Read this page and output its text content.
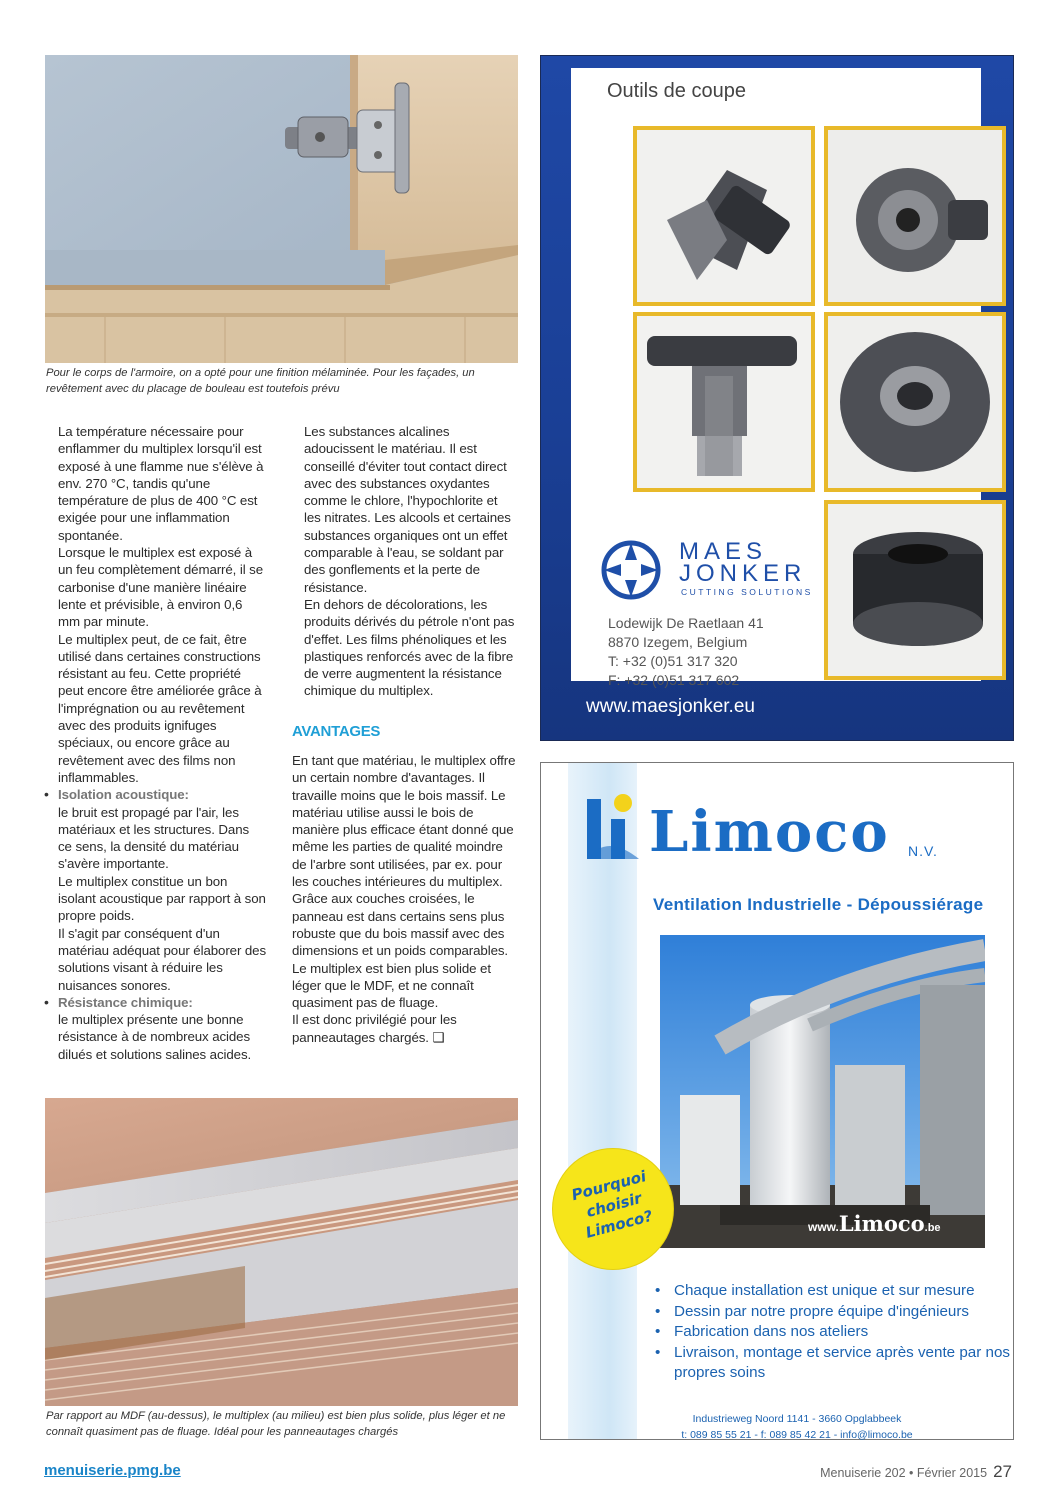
Pour le corps de l'armoire, on a opté pour une finition mélaminée. Pour les façades, un revêtement avec du placage de bouleau est toutefois prévu

La température nécessaire pour enflammer du multiplex lorsqu'il est exposé à une flamme nue s'élève à env. 270 °C, tandis qu'une température de plus de 400 °C est exigée pour une inflammation spontanée.

Lorsque le multiplex est exposé à un feu complètement démarré, il se carbonise d'une manière linéaire lente et prévisible, à environ 0,6 mm par minute.

Le multiplex peut, de ce fait, être utilisé dans certaines constructions résistant au feu. Cette propriété peut encore être améliorée grâce à l'imprégnation ou au revêtement avec des produits ignifuges spéciaux, ou encore grâce au revêtement avec des films non inflammables.

• Isolation acoustique:

le bruit est propagé par l'air, les matériaux et les structures. Dans ce sens, la densité du matériau s'avère importante.

Le multiplex constitue un bon isolant acoustique par rapport à son propre poids.

Il s'agit par conséquent d'un matériau adéquat pour élaborer des solutions visant à réduire les nuisances sonores.

• Résistance chimique:

le multiplex présente une bonne résistance à de nombreux acides dilués et solutions salines acides.

Les substances alcalines adoucissent le matériau. Il est conseillé d'éviter tout contact direct avec des substances oxydantes comme le chlore, l'hypochlorite et les nitrates. Les alcools et certaines substances organiques ont un effet comparable à l'eau, se soldant par des gonflements et la perte de résistance.

En dehors de décolorations, les produits dérivés du pétrole n'ont pas d'effet. Les films phénoliques et les plastiques renforcés avec de la fibre de verre augmentent la résistance chimique du multiplex.

AVANTAGES

En tant que matériau, le multiplex offre un certain nombre d'avantages. Il travaille moins que le bois massif. Le matériau utilise aussi le bois de manière plus efficace étant donné que même les parties de qualité moindre de l'arbre sont utilisées, par ex. pour les couches intérieures du multiplex.

Grâce aux couches croisées, le panneau est dans certains sens plus robuste que du bois massif avec des dimensions et un poids comparables. Le multiplex est bien plus solide et léger que le MDF, et ne connaît quasiment pas de fluage.

Il est donc privilégié pour les panneautages chargés. ❑

Par rapport au MDF (au-dessus), le multiplex (au milieu) est bien plus solide, plus léger et ne connaît quasiment pas de fluage. Idéal pour les panneautages chargés
Outils de coupe
MAES
JONKER
CUTTING SOLUTIONS
Lodewijk De Raetlaan 41
8870 Izegem, Belgium
T: +32 (0)51 317 320
F: +32 (0)51 317 602
www.maesjonker.eu
Limoco N.V.
Ventilation Industrielle - Dépoussiérage
www.Limoco.be
Pourquoi choisir Limoco?
• Chaque installation est unique et sur mesure
• Dessin par notre propre équipe d'ingénieurs
• Fabrication dans nos ateliers
• Livraison, montage et service après vente par nos propres soins
Industrieweg Noord 1141 - 3660 Opglabbeek
t: 089 85 55 21 - f: 089 85 42 21 - info@limoco.be
menuiserie.pmg.be	Menuiserie 202 • Février 2015 27
